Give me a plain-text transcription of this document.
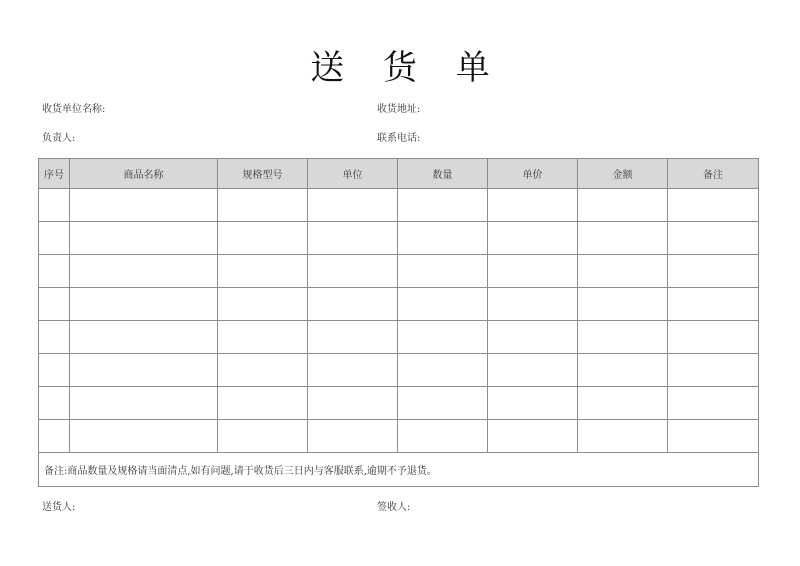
送 货 单
收货单位名称:	收货地址:
负责人:	联系电话:
序号	商品名称	规格型号	单位	数量	单价	金额	备注

备注:商品数量及规格请当面清点,如有问题,请于收货后三日内与客服联系,逾期不予退货。							
送货人:	签收人:
